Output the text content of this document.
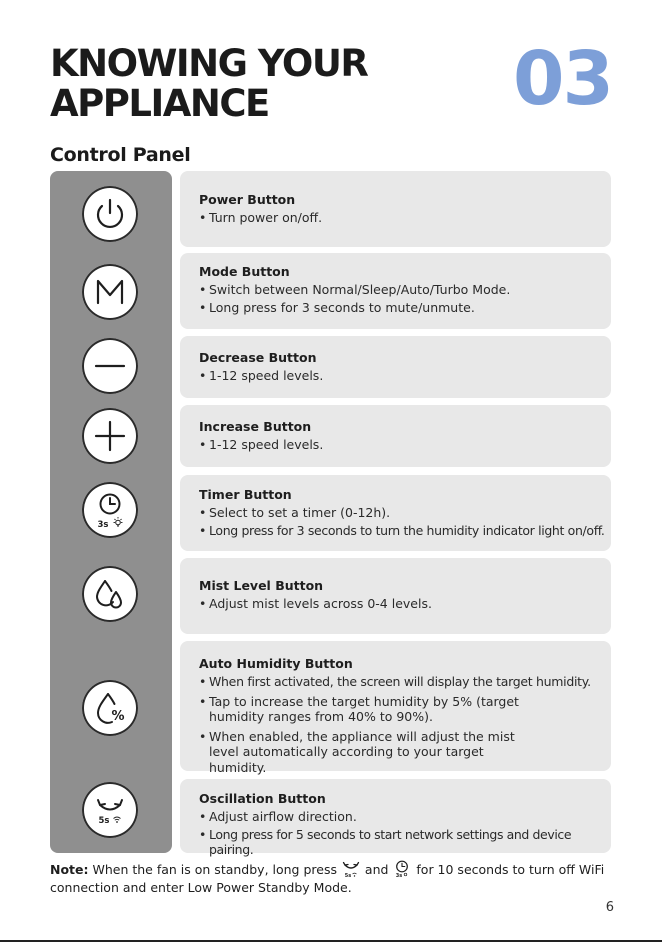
KNOWING YOUR
APPLIANCE	03
Control Panel
3s
%
5s
Power Button
• Turn power on/off.
Mode Button
• Switch between Normal/Sleep/Auto/Turbo Mode.
• Long press for 3 seconds to mute/unmute.
Decrease Button
• 1-12 speed levels.
Increase Button
• 1-12 speed levels.
Timer Button
• Select to set a timer (0-12h).
• Long press for 3 seconds to turn the humidity indicator light on/off.
Mist Level Button
• Adjust mist levels across 0-4 levels.
Auto Humidity Button
• When first activated, the screen will display the target humidity.
• Tap to increase the target humidity by 5% (target humidity ranges from 40% to 90%).
• When enabled, the appliance will adjust the mist level automatically according to your target humidity.
Oscillation Button
• Adjust airflow direction.
• Long press for 5 seconds to start network settings and device pairing.
Note: When the fan is on standby, long press 5s and 3s for 10 seconds to turn off WiFi connection and enter Low Power Standby Mode.
6
